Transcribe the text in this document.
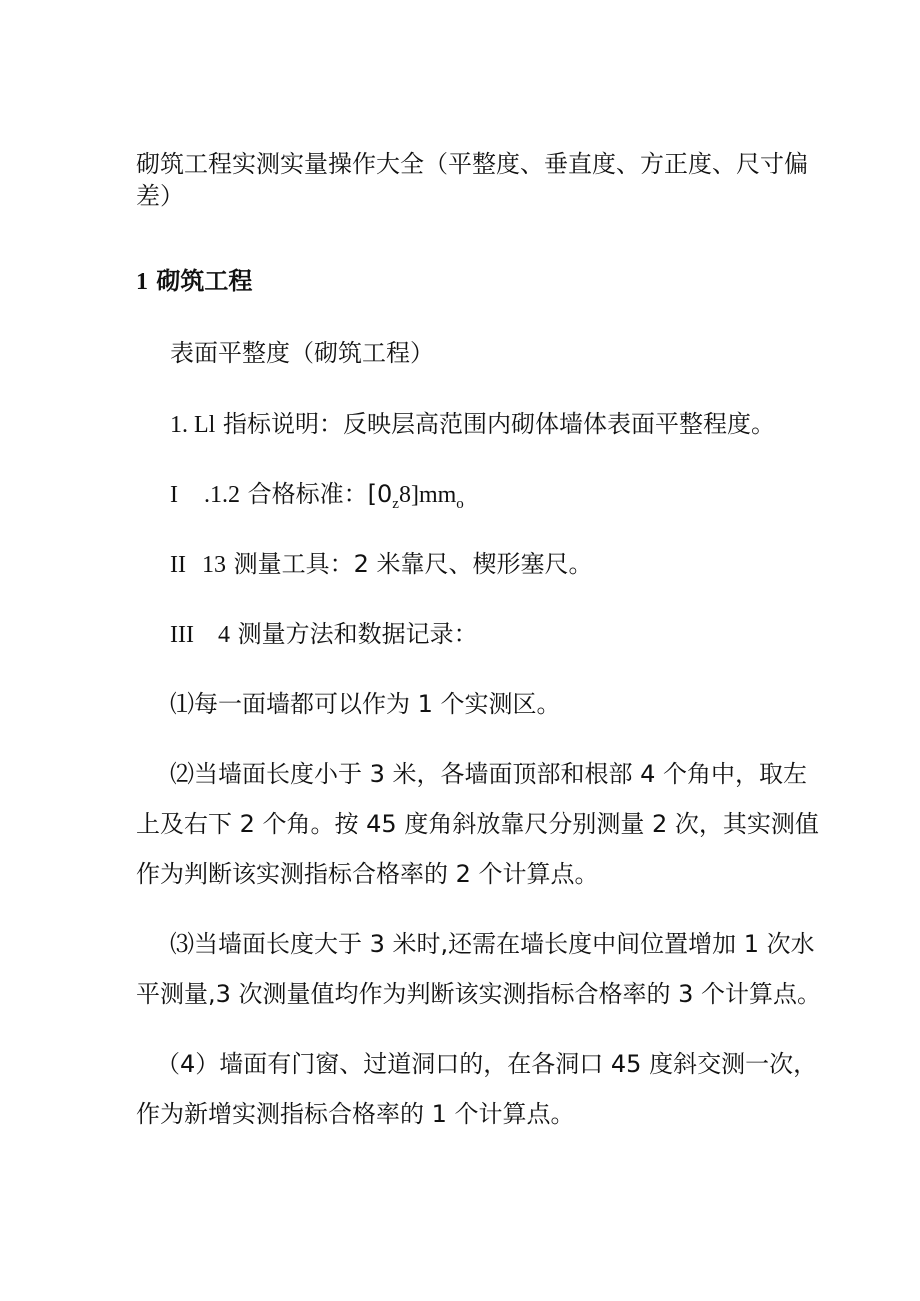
砌筑工程实测实量操作大全（平整度、垂直度、方正度、尺寸偏
差）
1 砌筑工程
表面平整度（砌筑工程）
1. Ll 指标说明：反映层高范围内砌体墙体表面平整程度。
I .1.2 合格标准：$[0_z8]mm_o$
II 13 测量工具：2 米靠尺、楔形塞尺。
III 4 测量方法和数据记录：
⑴每一面墙都可以作为 1 个实测区。
⑵当墙面长度小于 3 米，各墙面顶部和根部 4 个角中，取左
上及右下 2 个角。按 45 度角斜放靠尺分别测量 2 次，其实测值
作为判断该实测指标合格率的 2 个计算点。
⑶当墙面长度大于 3 米时,还需在墙长度中间位置增加 1 次水
平测量,3 次测量值均作为判断该实测指标合格率的 3 个计算点。
（4）墙面有门窗、过道洞口的，在各洞口 45 度斜交测一次，
作为新增实测指标合格率的 1 个计算点。
